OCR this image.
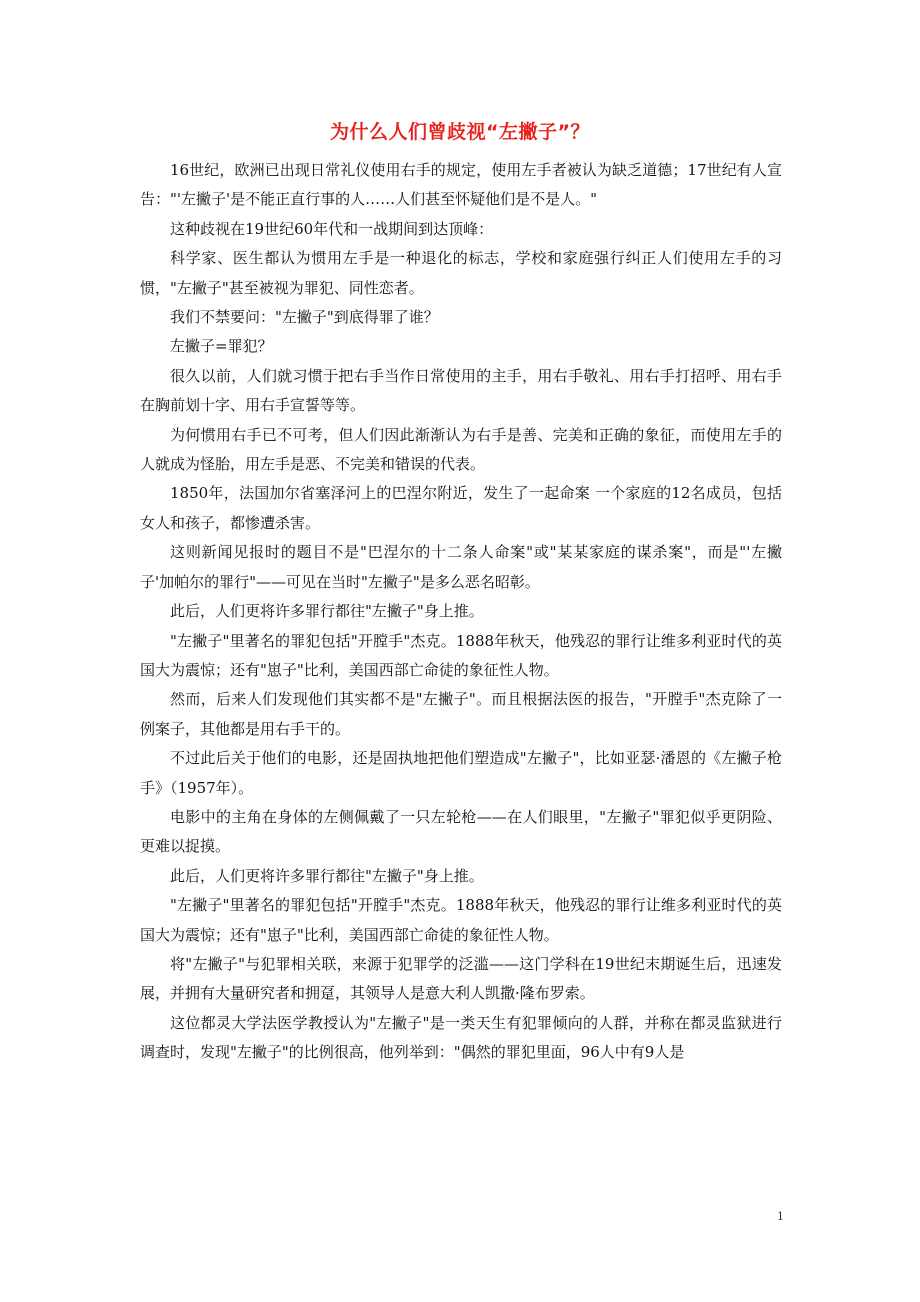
为什么人们曾歧视“左撇子”？

16世纪，欧洲已出现日常礼仪使用右手的规定，使用左手者被认为缺乏道德；17世纪有人宣告："'左撇子'是不能正直行事的人……人们甚至怀疑他们是不是人。"

这种歧视在19世纪60年代和一战期间到达顶峰：

科学家、医生都认为惯用左手是一种退化的标志，学校和家庭强行纠正人们使用左手的习惯，"左撇子"甚至被视为罪犯、同性恋者。

我们不禁要问："左撇子"到底得罪了谁？

左撇子=罪犯？

很久以前，人们就习惯于把右手当作日常使用的主手，用右手敬礼、用右手打招呼、用右手在胸前划十字、用右手宣誓等等。

为何惯用右手已不可考，但人们因此渐渐认为右手是善、完美和正确的象征，而使用左手的人就成为怪胎，用左手是恶、不完美和错误的代表。

1850年，法国加尔省塞泽河上的巴涅尔附近，发生了一起命案 一个家庭的12名成员，包括女人和孩子，都惨遭杀害。

这则新闻见报时的题目不是"巴涅尔的十二条人命案"或"某某家庭的谋杀案"，而是"'左撇子'加帕尔的罪行"——可见在当时"左撇子"是多么恶名昭彰。

此后，人们更将许多罪行都往"左撇子"身上推。

"左撇子"里著名的罪犯包括"开膛手"杰克。1888年秋天，他残忍的罪行让维多利亚时代的英国大为震惊；还有"崽子"比利，美国西部亡命徒的象征性人物。

然而，后来人们发现他们其实都不是"左撇子"。而且根据法医的报告，"开膛手"杰克除了一例案子，其他都是用右手干的。

不过此后关于他们的电影，还是固执地把他们塑造成"左撇子"，比如亚瑟·潘恩的《左撇子枪手》（1957年）。

电影中的主角在身体的左侧佩戴了一只左轮枪——在人们眼里，"左撇子"罪犯似乎更阴险、更难以捉摸。

此后，人们更将许多罪行都往"左撇子"身上推。

"左撇子"里著名的罪犯包括"开膛手"杰克。1888年秋天，他残忍的罪行让维多利亚时代的英国大为震惊；还有"崽子"比利，美国西部亡命徒的象征性人物。

将"左撇子"与犯罪相关联，来源于犯罪学的泛滥——这门学科在19世纪末期诞生后，迅速发展，并拥有大量研究者和拥趸，其领导人是意大利人凯撒·隆布罗索。

这位都灵大学法医学教授认为"左撇子"是一类天生有犯罪倾向的人群，并称在都灵监狱进行调查时，发现"左撇子"的比例很高，他列举到："偶然的罪犯里面，96人中有9人是

1
